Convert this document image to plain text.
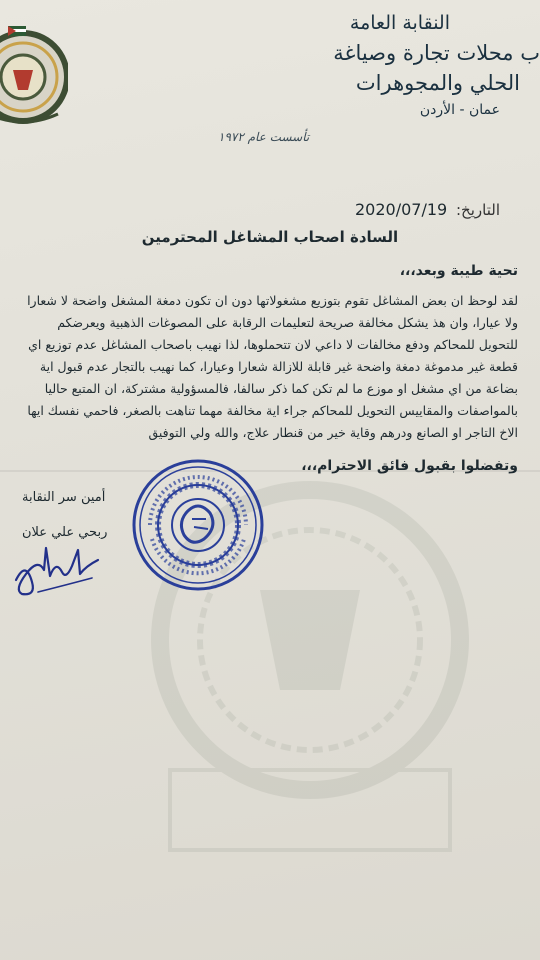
النقابة العامة
ب محلات تجارة وصياغة
الحلي والمجوهرات
عمان - الأردن
تأسست عام ١٩٧٢
التاريخ: 2020/07/19
السادة اصحاب المشاغل المحترمين
تحية طيبة وبعد،،،
لقد لوحظ ان بعض المشاغل تقوم بتوزيع مشغولاتها دون ان تكون دمغة المشغل واضحة لا شعارا
ولا عيارا، وان هذ يشكل مخالفة صريحة لتعليمات الرقابة على المصوغات الذهبية ويعرضكم
للتحويل للمحاكم ودفع مخالفات لا داعي لان تتحملوها، لذا نهيب باصحاب المشاغل عدم توزيع اي
قطعة غير مدموغة دمغة واضحة غير قابلة للازالة شعارا وعيارا، كما نهيب بالتجار عدم قبول اية
بضاعة من اي مشغل او موزع ما لم تكن كما ذكر سالفا، فالمسؤولية مشتركة، ان المتبع حاليا
بالمواصفات والمقاييس التحويل للمحاكم جراء اية مخالفة مهما تناهت بالصغر، فاحمي نفسك ايها
الاخ التاجر او الصانع ودرهم وقاية خير من قنطار علاج، والله ولي التوفيق
وتفضلوا بقبول فائق الاحترام،،،
أمين سر النقابة
ربحي علي علان
